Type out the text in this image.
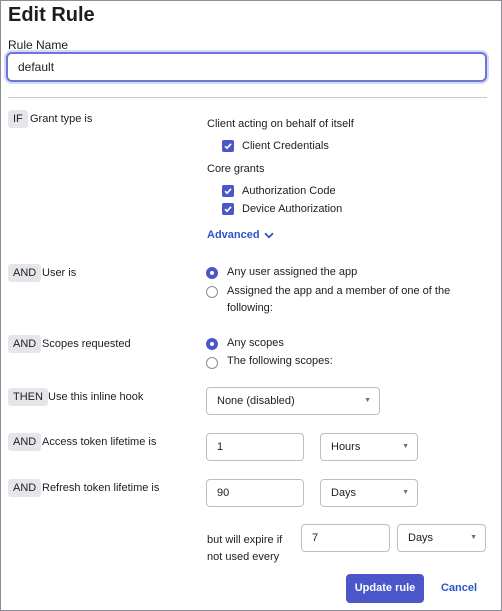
Edit Rule
Rule Name
default
IF Grant type is	Client acting on behalf of itself
Client Credentials
Core grants
Authorization Code
Device Authorization
Advanced
AND User is	Any user assigned the app
Assigned the app and a member of one of the
following:
AND Scopes requested	Any scopes
The following scopes:
THEN Use this inline hook	None (disabled)	▼
AND Access token lifetime is	1	Hours	▼
AND Refresh token lifetime is	90	Days	▼
but will expire if
not used every
7	Days	▼
Update rule	Cancel
